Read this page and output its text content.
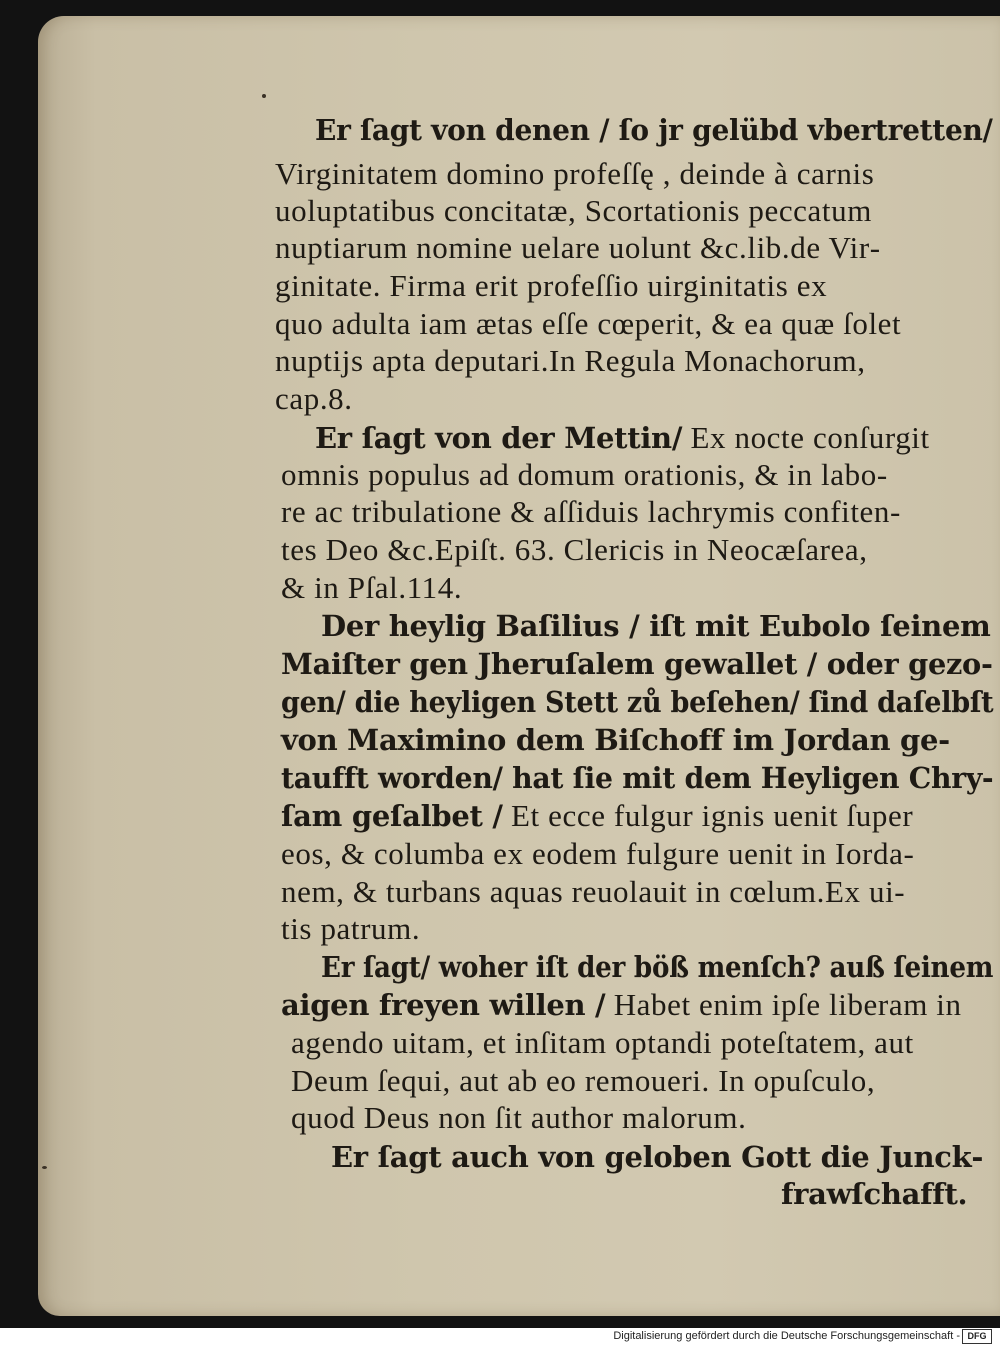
Er ſagt von denen / ſo jr gelübd vbertretten/
Virginitatem domino profeſſę , deinde à carnis
uoluptatibus concitatæ, Scortationis peccatum
nuptiarum nomine uelare uolunt &c.lib.de Vir‑
ginitate. Firma erit profeſſio uirginitatis ex
quo adulta iam ætas eſſe cœperit, & ea quæ ſolet
nuptijs apta deputari.In Regula Monachorum,
cap.8.
Er ſagt von der Mettin/ Ex nocte conſurgit
omnis populus ad domum orationis, & in labo‑
re ac tribulatione & aſſiduis lachrymis confiten‑
tes Deo &c.Epiſt. 63. Clericis in Neocæſarea,
& in Pſal.114.
Der heylig Baſilius / iſt mit Eubolo ſeinem
Maiſter gen Jheruſalem gewallet / oder gezo‑
gen/ die heyligen Stett zů beſehen/ ſind daſelbſt
von Maximino dem Biſchoff im Jordan ge‑
taufft worden/ hat ſie mit dem Heyligen Chry‑
ſam geſalbet / Et ecce fulgur ignis uenit ſuper
eos, & columba ex eodem fulgure uenit in Iorda‑
nem, & turbans aquas reuolauit in cœlum.Ex ui‑
tis patrum.
Er ſagt/ woher iſt der böß menſch? auß ſeinem
aigen freyen willen / Habet enim ipſe liberam in
agendo uitam, et inſitam optandi poteſtatem, aut
Deum ſequi, aut ab eo remoueri. In opuſculo,
quod Deus non ſit author malorum.
Er ſagt auch von geloben Gott die Junck‑
frawſchafft.
Digitalisierung gefördert durch die Deutsche Forschungsgemeinschaft - DFG
